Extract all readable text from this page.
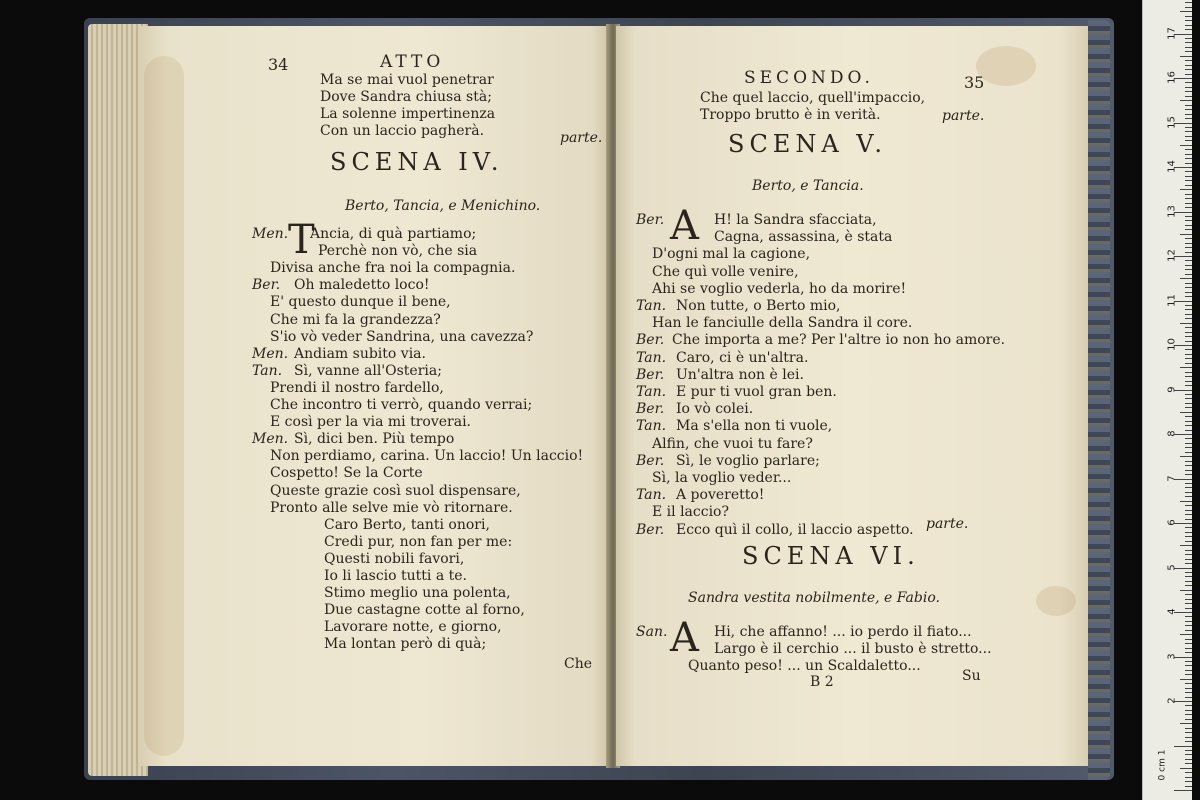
34	ATTO
Ma se mai vuol penetrar
Dove Sandra chiusa stà;
La solenne impertinenza
Con un laccio pagherà.	parte.
SCENA IV.
Berto, Tancia, e Menichino.
Men. T
Ancia, di quà partiamo;
Perchè non vò, che sia
Divisa anche fra noi la compagnia.
Ber. Oh maledetto loco!
E' questo dunque il bene,
Che mi fa la grandezza?
S'io vò veder Sandrina, una cavezza?
Men. Andiam subito via.
Tan. Sì, vanne all'Osteria;
Prendi il nostro fardello,
Che incontro ti verrò, quando verrai;
E così per la via mi troverai.
Men. Sì, dici ben. Più tempo
Non perdiamo, carina. Un laccio! Un laccio!
Cospetto! Se la Corte
Queste grazie così suol dispensare,
Pronto alle selve mie vò ritornare.
Caro Berto, tanti onori,
Credi pur, non fan per me:
Questi nobili favori,
Io li lascio tutti a te.
Stimo meglio una polenta,
Due castagne cotte al forno,
Lavorare notte, e giorno,
Ma lontan però di quà;
Che
SECONDO.	35
Che quel laccio, quell'impaccio,
Troppo brutto è in verità.	parte.
SCENA V.
Berto, e Tancia.
Ber. A H! la Sandra sfacciata,
Cagna, assassina, è stata
D'ogni mal la cagione,
Che quì volle venire,
Ahi se voglio vederla, ho da morire!
Tan. Non tutte, o Berto mio,
Han le fanciulle della Sandra il core.
Ber. Che importa a me? Per l'altre io non ho amore.
Tan. Caro, ci è un'altra.
Ber. Un'altra non è lei.
Tan. E pur ti vuol gran ben.
Ber. Io vò colei.
Tan. Ma s'ella non ti vuole,
Alfin, che vuoi tu fare?
Ber. Sì, le voglio parlare;
Sì, la voglio veder...
Tan. A poveretto!
E il laccio?
Ber. Ecco quì il collo, il laccio aspetto. parte.
SCENA VI.
Sandra vestita nobilmente, e Fabio.
San. A Hi, che affanno! ... io perdo il fiato...
Largo è il cerchio ... il busto è stretto...
Quanto peso! ... un Scaldaletto...
B 2	Su
2
3
4
5
6
7
8
9
10
11
12
13
14
15
16
17
0 cm 1
